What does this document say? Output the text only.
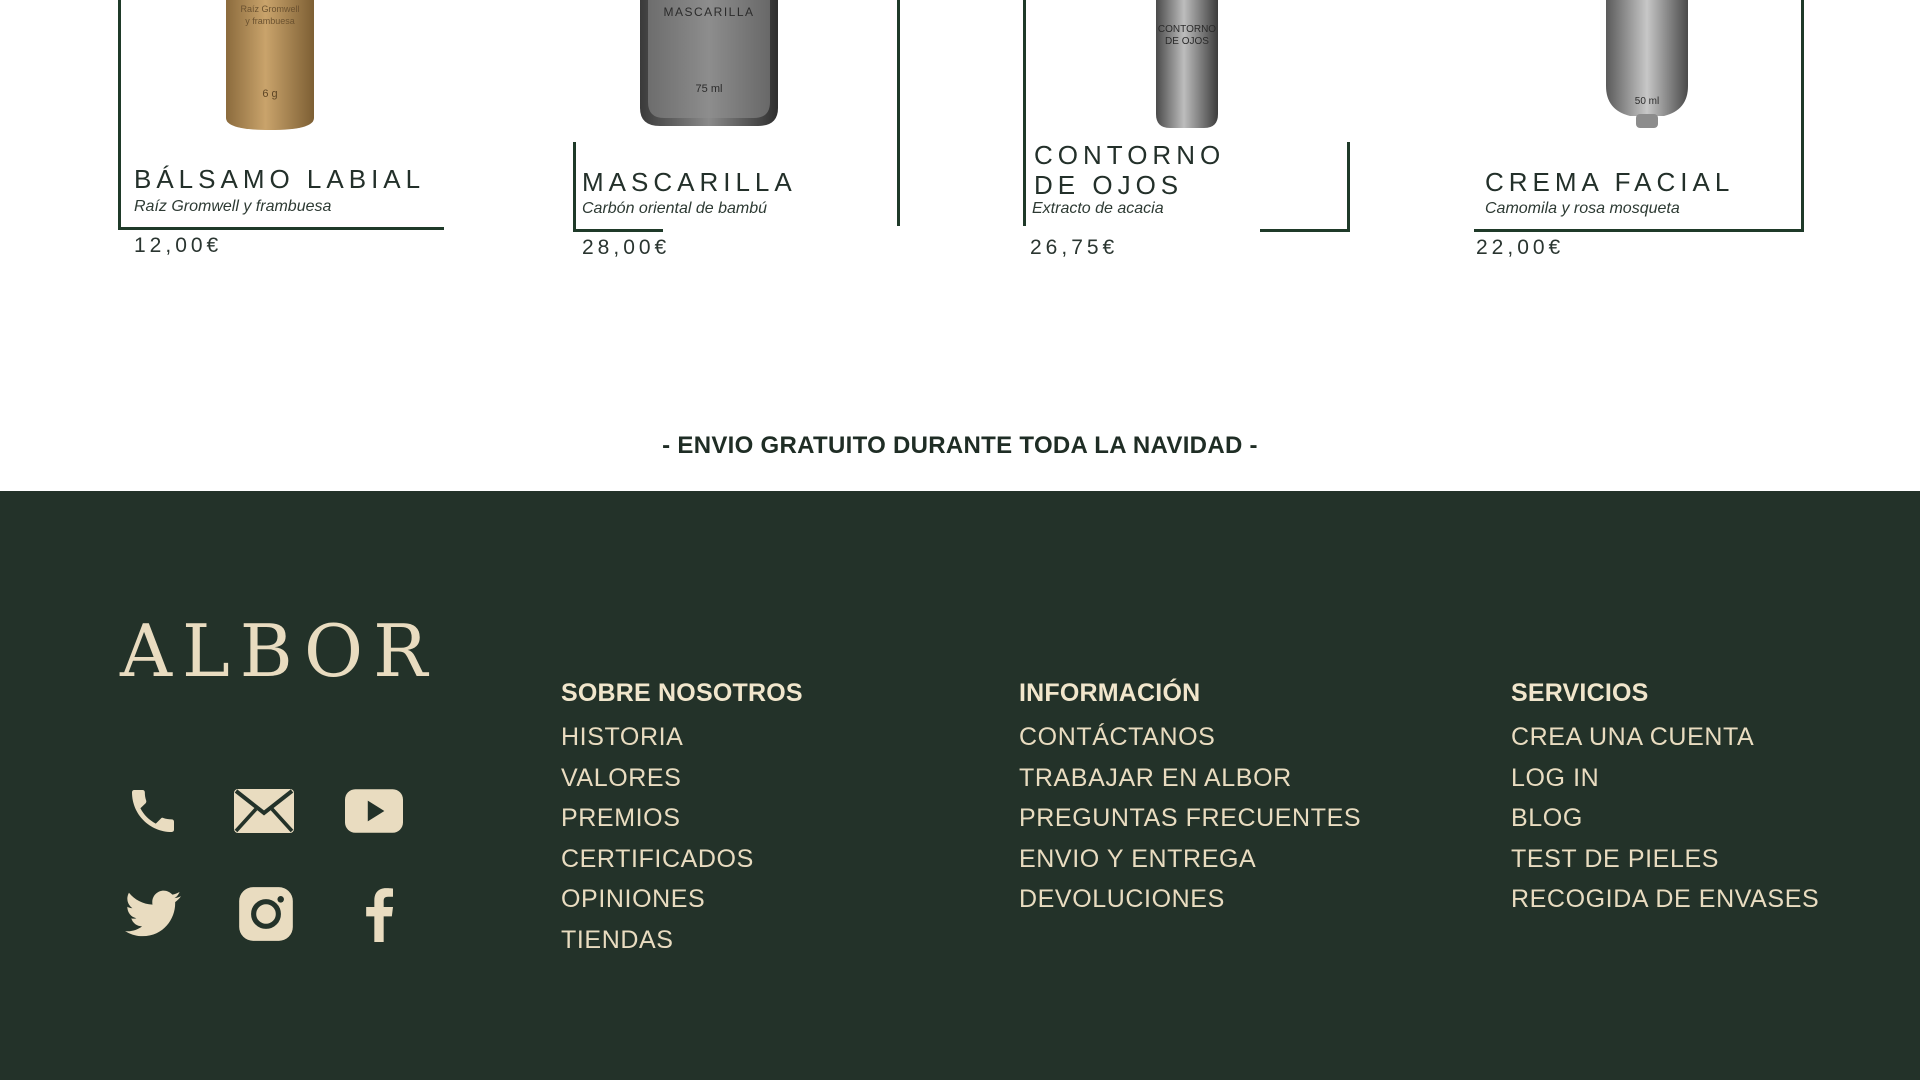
Raíz Gromwell
y frambuesa
6 g
BÁLSAMO LABIAL

Raíz Gromwell y frambuesa

12,00€

MASCARILLA
75 ml
MASCARILLA

Carbón oriental de bambú

28,00€

CONTORNO
DE OJOS
CONTORNO
DE OJOS

Extracto de acacia

26,75€

50 ml
CREMA FACIAL

Camomila y rosa mosqueta

22,00€

- ENVIO GRATUITO DURANTE TODA LA NAVIDAD -
ALBOR	SOBRE NOSOTROS
HISTORIA
VALORES
PREMIOS
CERTIFICADOS
OPINIONES
TIENDAS
INFORMACIÓN
CONTÁCTANOS
TRABAJAR EN ALBOR
PREGUNTAS FRECUENTES
ENVIO Y ENTREGA
DEVOLUCIONES
SERVICIOS
CREA UNA CUENTA
LOG IN
BLOG
TEST DE PIELES
RECOGIDA DE ENVASES
